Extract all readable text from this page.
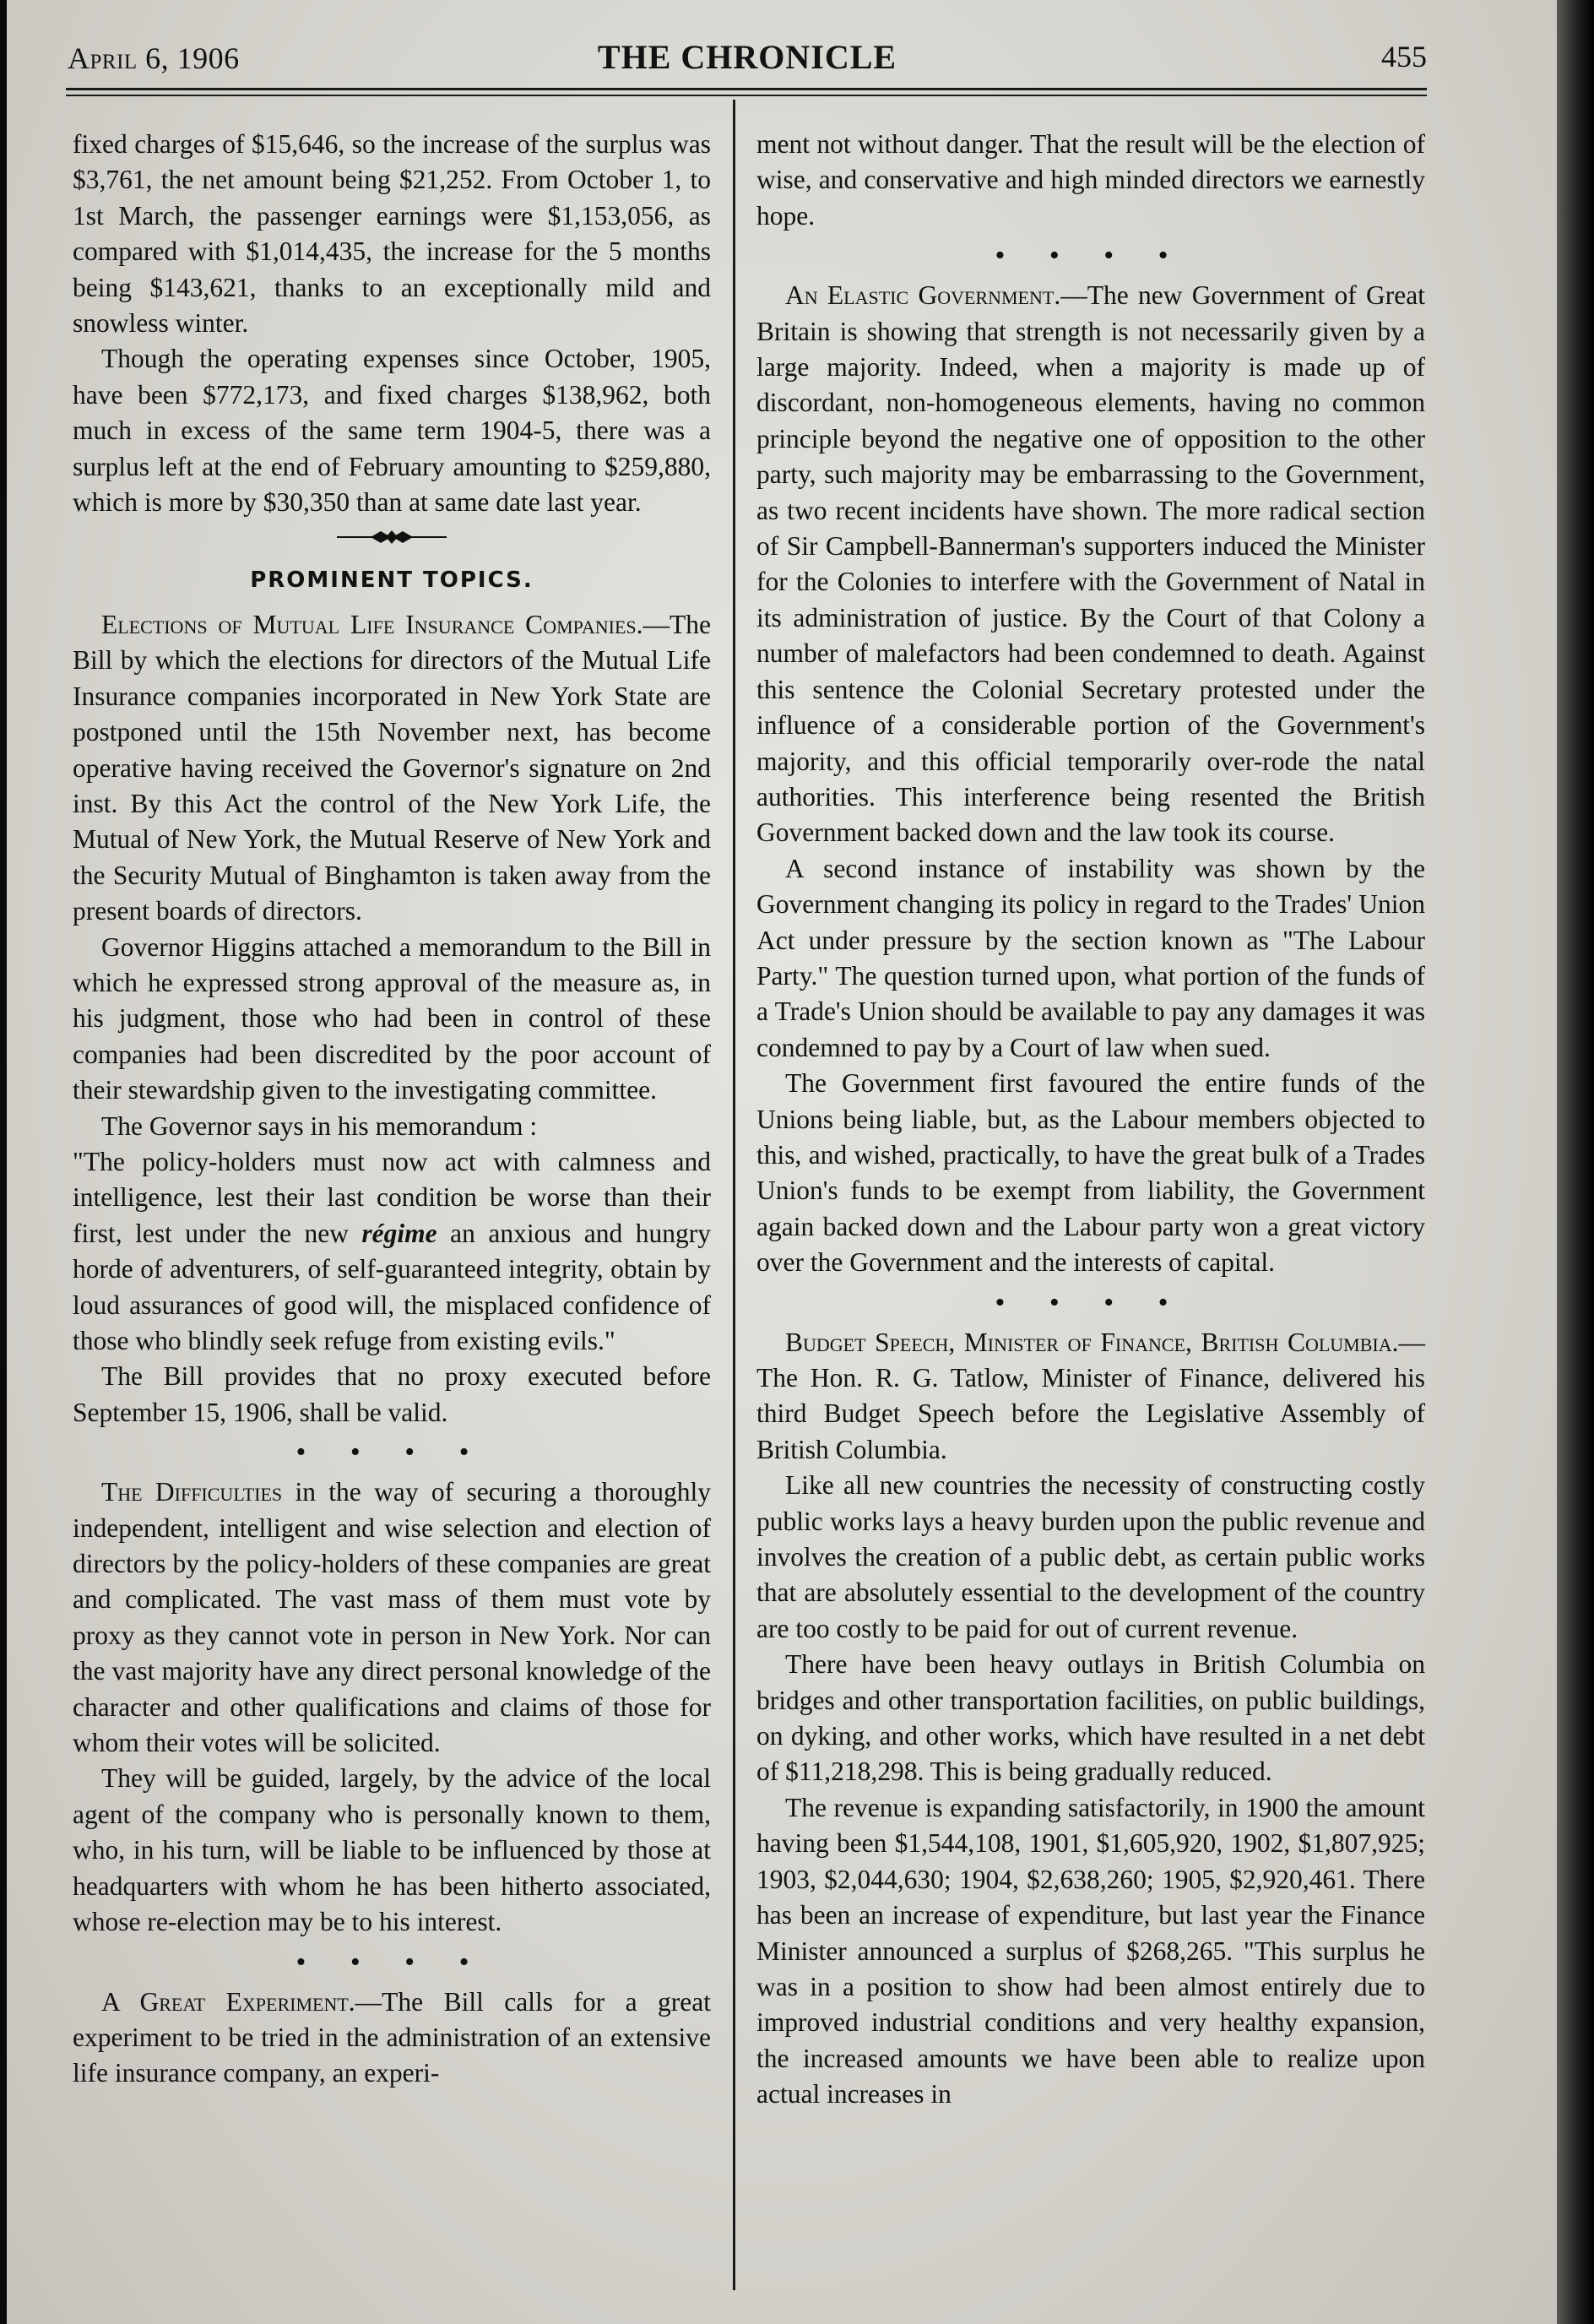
April 6, 1906	THE CHRONICLE	455

fixed charges of $15,646, so the increase of the surplus was $3,761, the net amount being $21,252. From October 1, to 1st March, the passenger earnings were $1,153,056, as compared with $1,014,435, the increase for the 5 months being $143,621, thanks to an exceptionally mild and snowless winter.

Though the operating expenses since October, 1905, have been $772,173, and fixed charges $138,962, both much in excess of the same term 1904-5, there was a surplus left at the end of February amounting to $259,880, which is more by $30,350 than at same date last year.

PROMINENT TOPICS.

Elections of Mutual Life Insurance Companies.—The Bill by which the elections for directors of the Mutual Life Insurance companies incorporated in New York State are postponed until the 15th November next, has become operative having received the Governor's signature on 2nd inst. By this Act the control of the New York Life, the Mutual of New York, the Mutual Reserve of New York and the Security Mutual of Binghamton is taken away from the present boards of directors.

Governor Higgins attached a memorandum to the Bill in which he expressed strong approval of the measure as, in his judgment, those who had been in control of these companies had been discredited by the poor account of their stewardship given to the investigating committee.

The Governor says in his memorandum :

"The policy-holders must now act with calmness and intelligence, lest their last condition be worse than their first, lest under the new régime an anxious and hungry horde of adventurers, of self-guaranteed integrity, obtain by loud assurances of good will, the misplaced confidence of those who blindly seek refuge from existing evils."

The Bill provides that no proxy executed before September 15, 1906, shall be valid.

• • • •

The Difficulties in the way of securing a thoroughly independent, intelligent and wise selection and election of directors by the policy-holders of these companies are great and complicated. The vast mass of them must vote by proxy as they cannot vote in person in New York. Nor can the vast majority have any direct personal knowledge of the character and other qualifications and claims of those for whom their votes will be solicited.

They will be guided, largely, by the advice of the local agent of the company who is personally known to them, who, in his turn, will be liable to be influenced by those at headquarters with whom he has been hitherto associated, whose re-election may be to his interest.

• • • •

A Great Experiment.—The Bill calls for a great experiment to be tried in the administration of an extensive life insurance company, an experi-

ment not without danger. That the result will be the election of wise, and conservative and high minded directors we earnestly hope.

• • • •

An Elastic Government.—The new Government of Great Britain is showing that strength is not necessarily given by a large majority. Indeed, when a majority is made up of discordant, non-homogeneous elements, having no common principle beyond the negative one of opposition to the other party, such majority may be embarrassing to the Government, as two recent incidents have shown. The more radical section of Sir Campbell-Bannerman's supporters induced the Minister for the Colonies to interfere with the Government of Natal in its administration of justice. By the Court of that Colony a number of malefactors had been condemned to death. Against this sentence the Colonial Secretary protested under the influence of a considerable portion of the Government's majority, and this official temporarily over-rode the natal authorities. This interference being resented the British Government backed down and the law took its course.

A second instance of instability was shown by the Government changing its policy in regard to the Trades' Union Act under pressure by the section known as "The Labour Party." The question turned upon, what portion of the funds of a Trade's Union should be available to pay any damages it was condemned to pay by a Court of law when sued.

The Government first favoured the entire funds of the Unions being liable, but, as the Labour members objected to this, and wished, practically, to have the great bulk of a Trades Union's funds to be exempt from liability, the Government again backed down and the Labour party won a great victory over the Government and the interests of capital.

• • • •

Budget Speech, Minister of Finance, British Columbia.—The Hon. R. G. Tatlow, Minister of Finance, delivered his third Budget Speech before the Legislative Assembly of British Columbia.

Like all new countries the necessity of constructing costly public works lays a heavy burden upon the public revenue and involves the creation of a public debt, as certain public works that are absolutely essential to the development of the country are too costly to be paid for out of current revenue.

There have been heavy outlays in British Columbia on bridges and other transportation facilities, on public buildings, on dyking, and other works, which have resulted in a net debt of $11,218,298. This is being gradually reduced.

The revenue is expanding satisfactorily, in 1900 the amount having been $1,544,108, 1901, $1,605,920, 1902, $1,807,925; 1903, $2,044,630; 1904, $2,638,260; 1905, $2,920,461. There has been an increase of expenditure, but last year the Finance Minister announced a surplus of $268,265. "This surplus he was in a position to show had been almost entirely due to improved industrial conditions and very healthy expansion, the increased amounts we have been able to realize upon actual increases in
